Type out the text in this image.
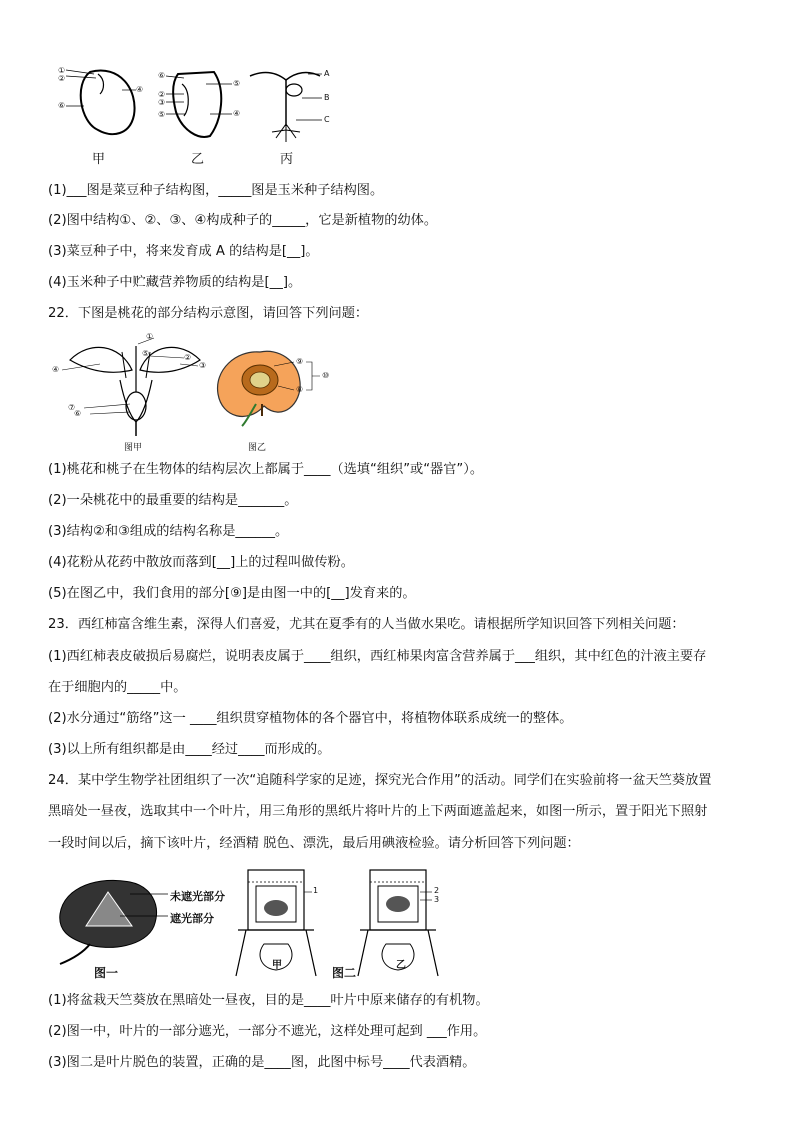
①
②
⑥
④
⑥
②
③
⑤
⑤
④
A
B
C
甲	乙	丙
(1)___图是菜豆种子结构图，_____图是玉米种子结构图。
(2)图中结构①、②、③、④构成种子的_____，它是新植物的幼体。
(3)菜豆种子中，将来发育成 A 的结构是[__]。
(4)玉米种子中贮藏营养物质的结构是[__]。
22．下图是桃花的部分结构示意图，请回答下列问题：
①
②
③
④
⑤
⑥
⑦
⑨
⑧
⑩
图甲	图乙
(1)桃花和桃子在生物体的结构层次上都属于____（选填“组织”或“器官”）。
(2)一朵桃花中的最重要的结构是_______。
(3)结构②和③组成的结构名称是______。
(4)花粉从花药中散放而落到[__]上的过程叫做传粉。
(5)在图乙中，我们食用的部分[⑨]是由图一中的[__]发育来的。
23．西红柿富含维生素，深得人们喜爱，尤其在夏季有的人当做水果吃。请根据所学知识回答下列相关问题：
(1)西红柿表皮破损后易腐烂，说明表皮属于____组织，西红柿果肉富含营养属于___组织，其中红色的汁液主要存
在于细胞内的_____中。
(2)水分通过“筋络”这一 ____组织贯穿植物体的各个器官中，将植物体联系成统一的整体。
(3)以上所有组织都是由____经过____而形成的。
24．某中学生物学社团组织了一次“追随科学家的足迹，探究光合作用”的活动。同学们在实验前将一盆天竺葵放置
黑暗处一昼夜，选取其中一个叶片，用三角形的黑纸片将叶片的上下两面遮盖起来，如图一所示，置于阳光下照射
一段时间以后，摘下该叶片，经酒精 脱色、漂洗，最后用碘液检验。请分析回答下列问题：
未遮光部分
遮光部分
1	2
3
甲	乙
图一	图二
(1)将盆栽天竺葵放在黑暗处一昼夜，目的是____叶片中原来储存的有机物。
(2)图一中，叶片的一部分遮光，一部分不遮光，这样处理可起到 ___作用。
(3)图二是叶片脱色的装置，正确的是____图，此图中标号____代表酒精。
